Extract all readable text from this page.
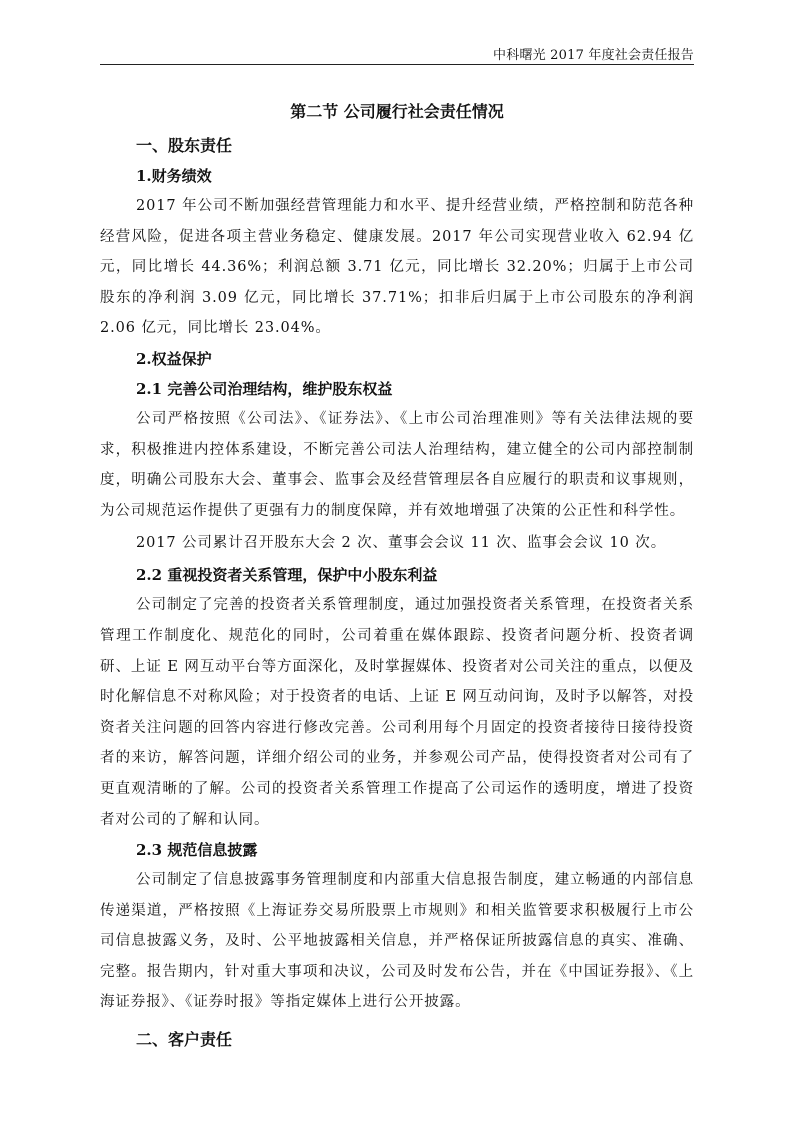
中科曙光 2017 年度社会责任报告
第二节 公司履行社会责任情况
一、股东责任
1.财务绩效

2017 年公司不断加强经营管理能力和水平、提升经营业绩，严格控制和防范各种经营风险，促进各项主营业务稳定、健康发展。2017 年公司实现营业收入 62.94 亿元，同比增长 44.36%；利润总额 3.71 亿元，同比增长 32.20%；归属于上市公司股东的净利润 3.09 亿元，同比增长 37.71%；扣非后归属于上市公司股东的净利润 2.06 亿元，同比增长 23.04%。

2.权益保护
2.1 完善公司治理结构，维护股东权益

公司严格按照《公司法》、《证券法》、《上市公司治理准则》等有关法律法规的要求，积极推进内控体系建设，不断完善公司法人治理结构，建立健全的公司内部控制制度，明确公司股东大会、董事会、监事会及经营管理层各自应履行的职责和议事规则，为公司规范运作提供了更强有力的制度保障，并有效地增强了决策的公正性和科学性。

2017 公司累计召开股东大会 2 次、董事会会议 11 次、监事会会议 10 次。

2.2 重视投资者关系管理，保护中小股东利益

公司制定了完善的投资者关系管理制度，通过加强投资者关系管理，在投资者关系管理工作制度化、规范化的同时，公司着重在媒体跟踪、投资者问题分析、投资者调研、上证 E 网互动平台等方面深化，及时掌握媒体、投资者对公司关注的重点，以便及时化解信息不对称风险；对于投资者的电话、上证 E 网互动问询，及时予以解答，对投资者关注问题的回答内容进行修改完善。公司利用每个月固定的投资者接待日接待投资者的来访，解答问题，详细介绍公司的业务，并参观公司产品，使得投资者对公司有了更直观清晰的了解。公司的投资者关系管理工作提高了公司运作的透明度，增进了投资者对公司的了解和认同。

2.3 规范信息披露

公司制定了信息披露事务管理制度和内部重大信息报告制度，建立畅通的内部信息传递渠道，严格按照《上海证券交易所股票上市规则》和相关监管要求积极履行上市公司信息披露义务，及时、公平地披露相关信息，并严格保证所披露信息的真实、准确、完整。报告期内，针对重大事项和决议，公司及时发布公告，并在《中国证券报》、《上海证券报》、《证券时报》等指定媒体上进行公开披露。

二、客户责任
